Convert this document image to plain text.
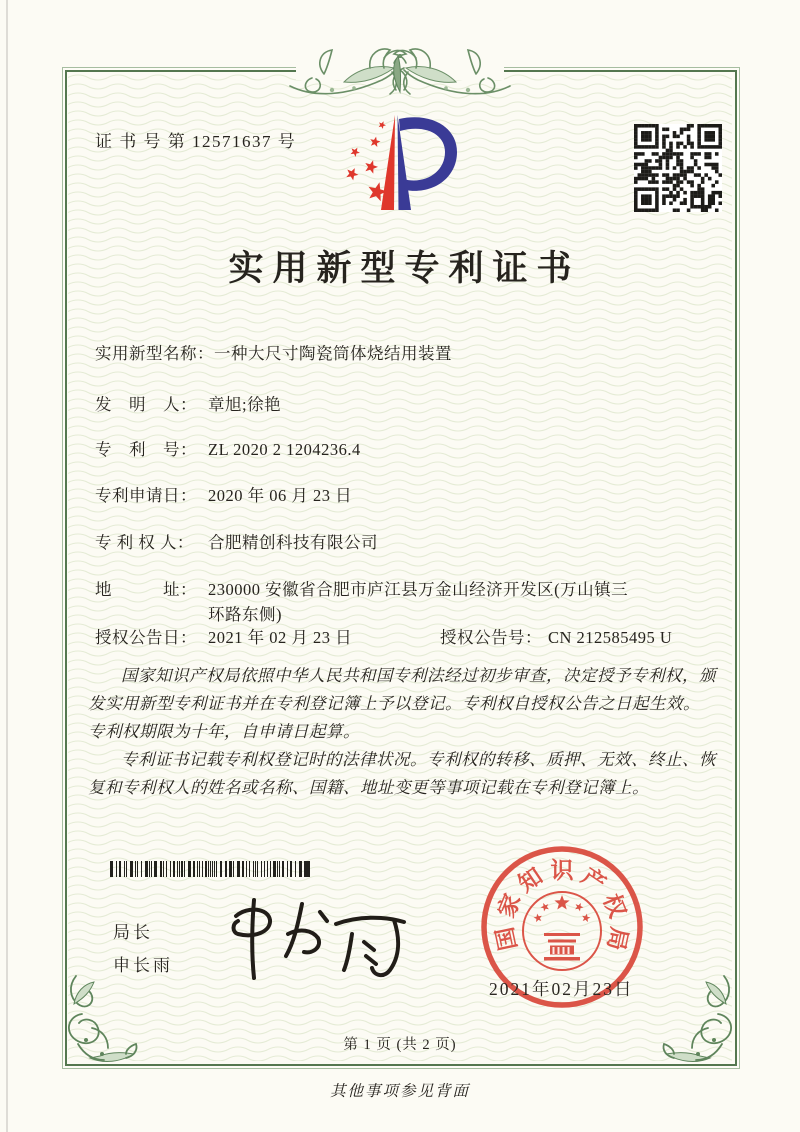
证 书 号 第 12571637 号
实用新型专利证书
实用新型名称： 一种大尺寸陶瓷筒体烧结用装置
发　明　人： 章旭;徐艳
专　利　号： ZL 2020 2 1204236.4
专利申请日： 2020 年 06 月 23 日
专 利 权 人： 合肥精创科技有限公司
地　　　址： 230000 安徽省合肥市庐江县万金山经济开发区(万山镇三环路东侧)
授权公告日： 2021 年 02 月 23 日	授权公告号： CN 212585495 U

国家知识产权局依照中华人民共和国专利法经过初步审查，决定授予专利权，颁发实用新型专利证书并在专利登记簿上予以登记。专利权自授权公告之日起生效。专利权期限为十年，自申请日起算。

专利证书记载专利权登记时的法律状况。专利权的转移、质押、无效、终止、恢复和专利权人的姓名或名称、国籍、地址变更等事项记载在专利登记簿上。

局长
申长雨
国
家
知 识 产
权
局
2021年02月23日
第 1 页 (共 2 页)
其他事项参见背面
